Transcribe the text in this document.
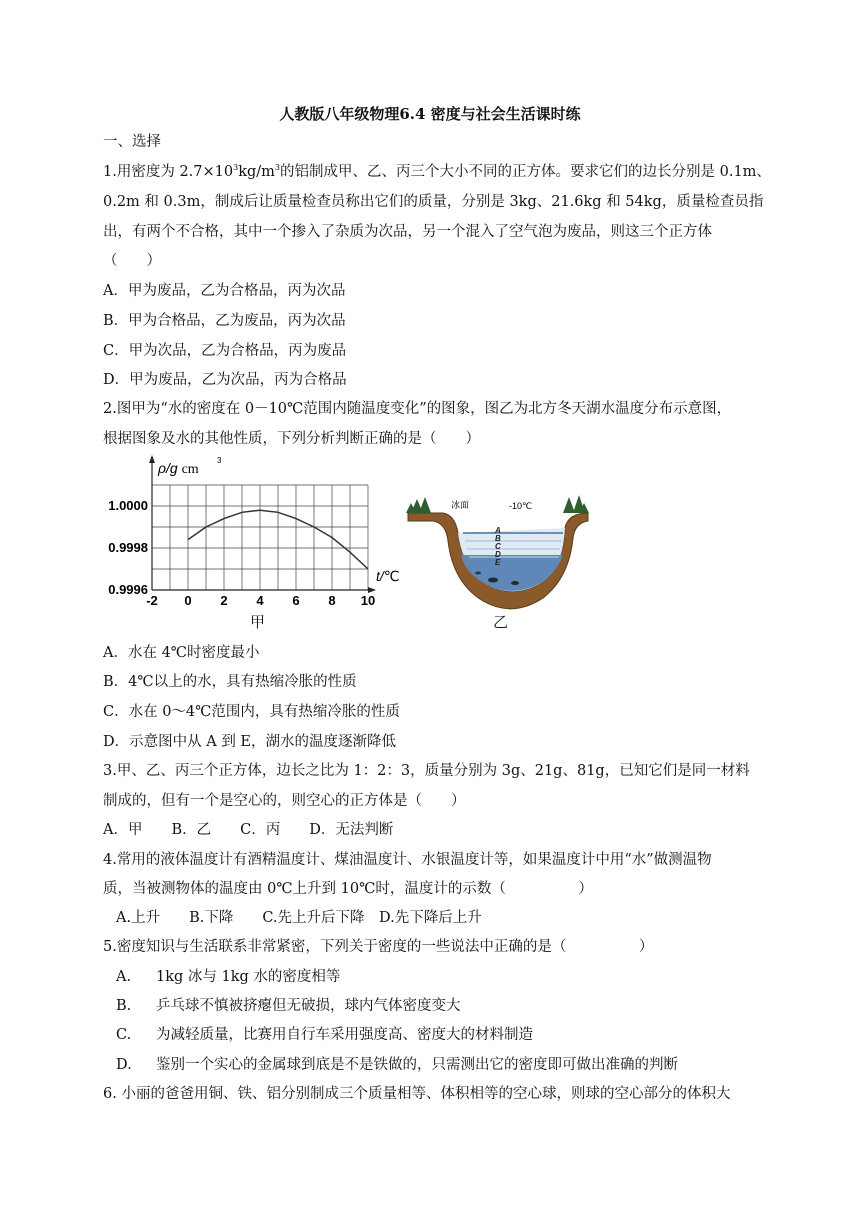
人教版八年级物理6.4 密度与社会生活课时练
一、选择
1.用密度为 $2.7\times 10^3kg/m^3$的铝制成甲、乙、丙三个大小不同的正方体。要求它们的边长分别是 0.1m、
0.2m 和 0.3m，制成后让质量检查员称出它们的质量，分别是 3kg、21.6kg 和 54kg，质量检查员指
出，有两个不合格，其中一个掺入了杂质为次品，另一个混入了空气泡为废品，则这三个正方体
（　　）
A．甲为废品，乙为合格品，丙为次品
B．甲为合格品，乙为废品，丙为次品
C．甲为次品，乙为合格品，丙为废品
D．甲为废品，乙为次品，丙为合格品
2.图甲为“水的密度在 0－10℃范围内随温度变化”的图象，图乙为北方冬天湖水温度分布示意图，
根据图象及水的其他性质，下列分析判断正确的是（　　）
ρ/g cm
3
t/℃
-2 0 2 4 6 8 10
1.0000
0.9998
0.9996
甲
冰面	-10℃
A
B
C
D
E
乙
A．水在 4℃时密度最小
B．4℃以上的水，具有热缩冷胀的性质
C．水在 0～4℃范围内，具有热缩冷胀的性质
D．示意图中从 A 到 E，湖水的温度逐渐降低
3.甲、乙、丙三个正方体，边长之比为 1：2：3，质量分别为 3g、21g、81g，已知它们是同一材料
制成的，但有一个是空心的，则空心的正方体是（　　）
A．甲　　B．乙　　C．丙　　D．无法判断
4.常用的液体温度计有酒精温度计、煤油温度计、水银温度计等，如果温度计中用“水”做测温物
质，当被测物体的温度由 0℃上升到 10℃时，温度计的示数（　　　　　）
A.上升　　B.下降　　C.先上升后下降　D.先下降后上升
5.密度知识与生活联系非常紧密，下列关于密度的一些说法中正确的是（　　　　　）
A. 1kg 冰与 1kg 水的密度相等
B. 乒乓球不慎被挤瘪但无破损，球内气体密度变大
C. 为减轻质量，比赛用自行车采用强度高、密度大的材料制造
D. 鉴别一个实心的金属球到底是不是铁做的，只需测出它的密度即可做出准确的判断
6. 小丽的爸爸用铜、铁、铝分别制成三个质量相等、体积相等的空心球，则球的空心部分的体积大
